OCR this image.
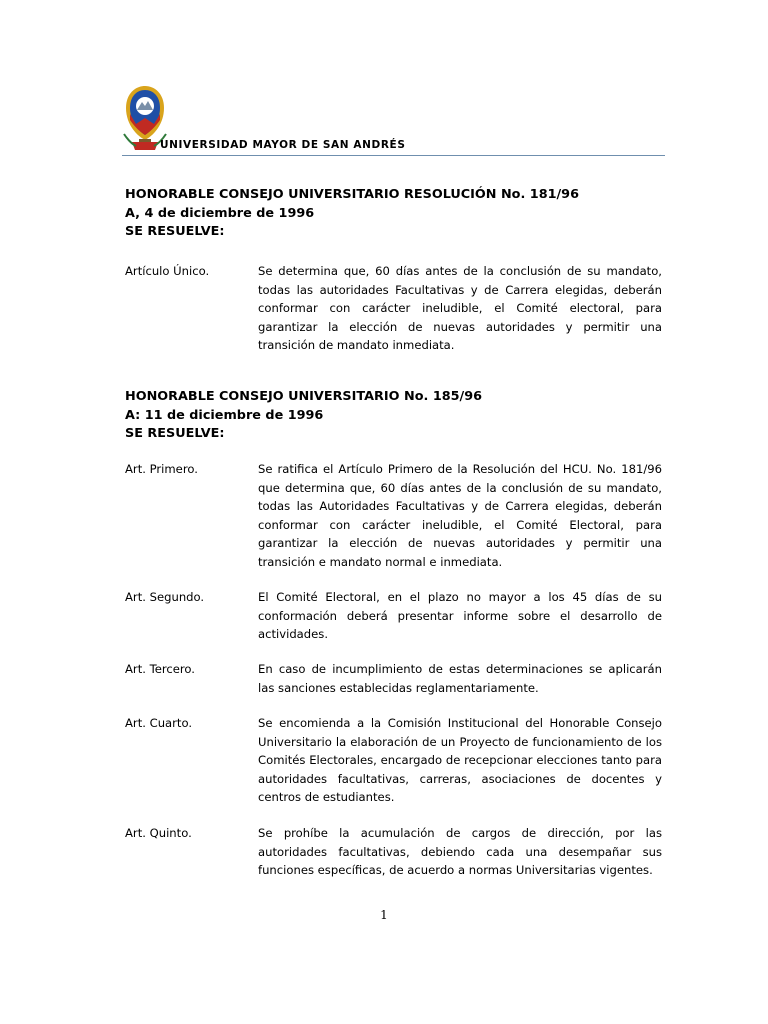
UNIVERSIDAD MAYOR DE SAN ANDRÉS
HONORABLE CONSEJO UNIVERSITARIO RESOLUCIÓN No. 181/96
A, 4 de diciembre de 1996
SE RESUELVE:
Artículo Único.	Se determina que, 60 días antes de la conclusión de su mandato, todas las autoridades Facultativas y de Carrera elegidas, deberán conformar con carácter ineludible, el Comité electoral, para garantizar la elección de nuevas autoridades y permitir una transición de mandato inmediata.
HONORABLE CONSEJO UNIVERSITARIO No. 185/96
A: 11 de diciembre de 1996
SE RESUELVE:
Art. Primero.	Se ratifica el Artículo Primero de la Resolución del HCU. No. 181/96 que determina que, 60 días antes de la conclusión de su mandato, todas las Autoridades Facultativas y de Carrera elegidas, deberán conformar con carácter ineludible, el Comité Electoral, para garantizar la elección de nuevas autoridades y permitir una transición e mandato normal e inmediata.
Art. Segundo.	El Comité Electoral, en el plazo no mayor a los 45 días de su conformación deberá presentar informe sobre el desarrollo de actividades.
Art. Tercero.	En caso de incumplimiento de estas determinaciones se aplicarán las sanciones establecidas reglamentariamente.
Art. Cuarto.	Se encomienda a la Comisión Institucional del Honorable Consejo Universitario la elaboración de un Proyecto de funcionamiento de los Comités Electorales, encargado de recepcionar elecciones tanto para autoridades facultativas, carreras, asociaciones de docentes y centros de estudiantes.
Art. Quinto.	Se prohíbe la acumulación de cargos de dirección, por las autoridades facultativas, debiendo cada una desempañar sus funciones específicas, de acuerdo a normas Universitarias vigentes.
1
